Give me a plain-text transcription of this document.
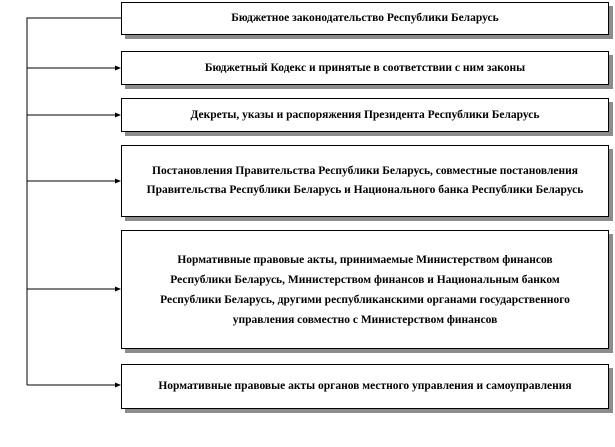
Бюджетное законодательство Республики Беларусь
Бюджетный Кодекс и принятые в соответствии с ним законы
Декреты, указы и распоряжения Президента Республики Беларусь
Постановления Правительства Республики Беларусь, совместные постановления Правительства Республики Беларусь и Национального банка Республики Беларусь
Нормативные правовые акты, принимаемые Министерством финансов Республики Беларусь, Министерством финансов и Национальным банком Республики Беларусь, другими республиканскими органами государственного управления совместно с Министерством финансов
Нормативные правовые акты органов местного управления и самоуправления
